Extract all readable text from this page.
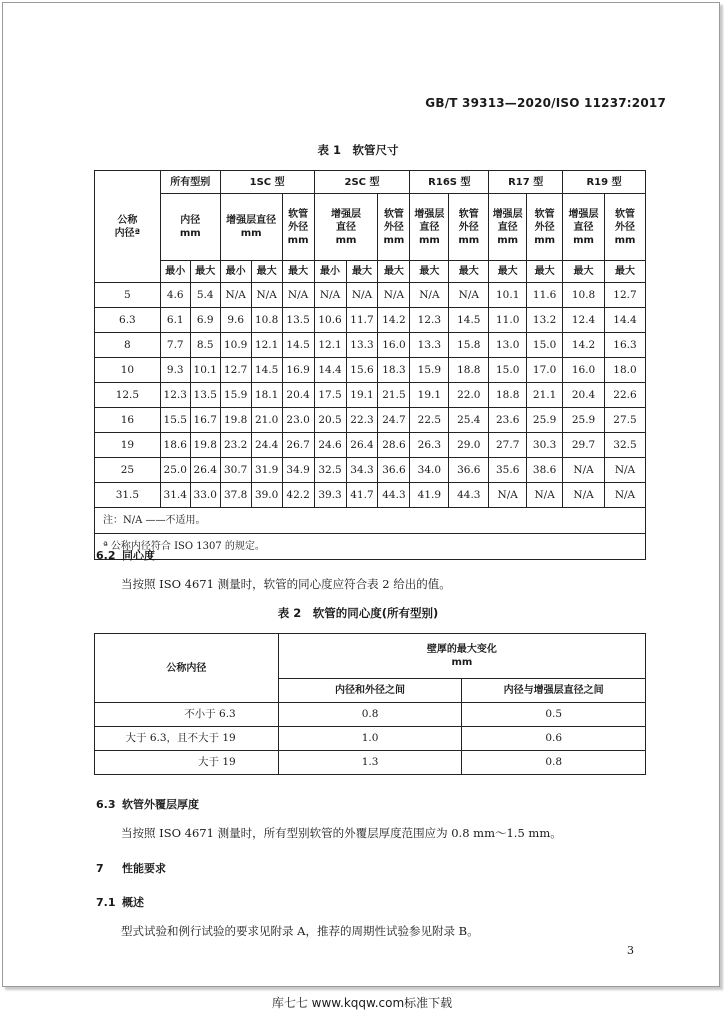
GB/T 39313—2020/ISO 11237:2017
表 1　软管尺寸
公称
内径ª	所有型别		1SC 型			2SC 型			R16S 型		R17 型		R19 型	
	内径
mm		增强层直径
mm		软管
外径
mm	增强层
直径
mm		软管
外径
mm	增强层
直径
mm	软管
外径
mm	增强层
直径
mm	软管
外径
mm	增强层
直径
mm	软管
外径
mm
	最小	最大	最小	最大	最大	最小	最大	最大	最大	最大	最大	最大	最大	最大
5	4.6	5.4	N/A	N/A	N/A	N/A	N/A	N/A	N/A	N/A	10.1	11.6	10.8	12.7
6.3	6.1	6.9	9.6	10.8	13.5	10.6	11.7	14.2	12.3	14.5	11.0	13.2	12.4	14.4
8	7.7	8.5	10.9	12.1	14.5	12.1	13.3	16.0	13.3	15.8	13.0	15.0	14.2	16.3
10	9.3	10.1	12.7	14.5	16.9	14.4	15.6	18.3	15.9	18.8	15.0	17.0	16.0	18.0
12.5	12.3	13.5	15.9	18.1	20.4	17.5	19.1	21.5	19.1	22.0	18.8	21.1	20.4	22.6
16	15.5	16.7	19.8	21.0	23.0	20.5	22.3	24.7	22.5	25.4	23.6	25.9	25.9	27.5
19	18.6	19.8	23.2	24.4	26.7	24.6	26.4	28.6	26.3	29.0	27.7	30.3	29.7	32.5
25	25.0	26.4	30.7	31.9	34.9	32.5	34.3	36.6	34.0	36.6	35.6	38.6	N/A	N/A
31.5	31.4	33.0	37.8	39.0	42.2	39.3	41.7	44.3	41.9	44.3	N/A	N/A	N/A	N/A
注：N/A ——不适用。														
ª 公称内径符合 ISO 1307 的规定。														
6.2 同心度
当按照 ISO 4671 测量时，软管的同心度应符合表 2 给出的值。
表 2　软管的同心度(所有型别)
公称内径	壁厚的最大变化
mm	
	内径和外径之间	内径与增强层直径之间
不小于 6.3	0.8	0.5
大于 6.3，且不大于 19	1.0	0.6
大于 19	1.3	0.8
6.3 软管外覆层厚度
当按照 ISO 4671 测量时，所有型别软管的外覆层厚度范围应为 0.8 mm～1.5 mm。
7 性能要求
7.1 概述
型式试验和例行试验的要求见附录 A，推荐的周期性试验参见附录 B。
3
库七七 www.kqqw.com标准下载
